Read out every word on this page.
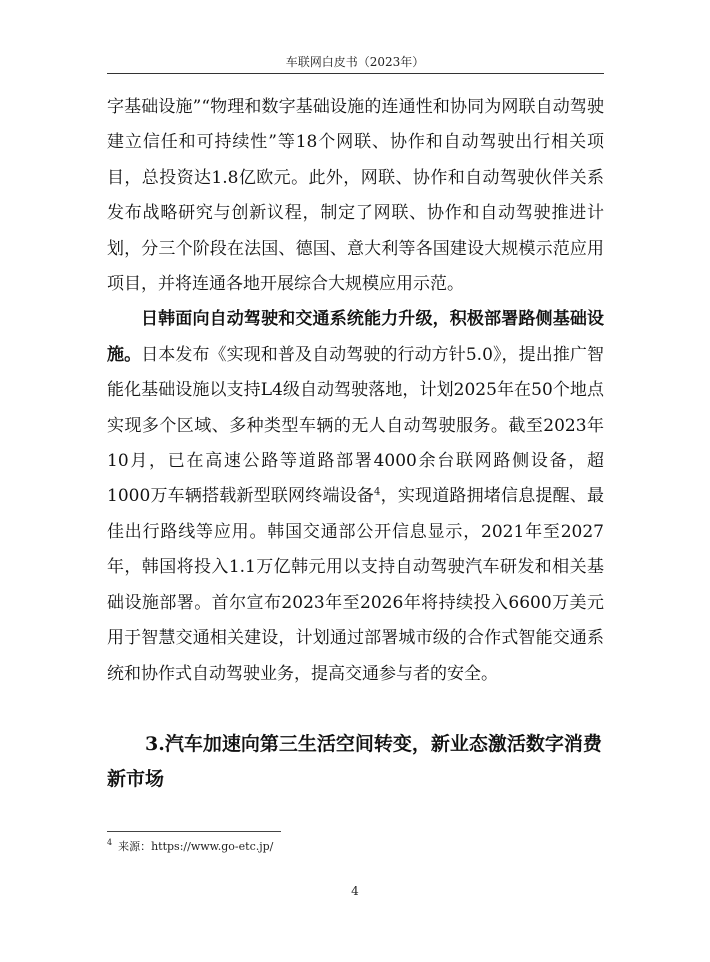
车联网白皮书（2023年）

字基础设施”“物理和数字基础设施的连通性和协同为网联自动驾驶建立信任和可持续性”等18个网联、协作和自动驾驶出行相关项目，总投资达1.8亿欧元。此外，网联、协作和自动驾驶伙伴关系发布战略研究与创新议程，制定了网联、协作和自动驾驶推进计划，分三个阶段在法国、德国、意大利等各国建设大规模示范应用项目，并将连通各地开展综合大规模应用示范。

日韩面向自动驾驶和交通系统能力升级，积极部署路侧基础设施。日本发布《实现和普及自动驾驶的行动方针5.0》，提出推广智能化基础设施以支持L4级自动驾驶落地，计划2025年在50个地点实现多个区域、多种类型车辆的无人自动驾驶服务。截至2023年10月，已在高速公路等道路部署4000余台联网路侧设备，超1000万车辆搭载新型联网终端设备$^4$，实现道路拥堵信息提醒、最佳出行路线等应用。韩国交通部公开信息显示，2021年至2027年，韩国将投入1.1万亿韩元用以支持自动驾驶汽车研发和相关基础设施部署。首尔宣布2023年至2026年将持续投入6600万美元用于智慧交通相关建设，计划通过部署城市级的合作式智能交通系统和协作式自动驾驶业务，提高交通参与者的安全。

3.汽车加速向第三生活空间转变，新业态激活数字消费新市场
$^4$ 来源：https://www.go-etc.jp/
4
